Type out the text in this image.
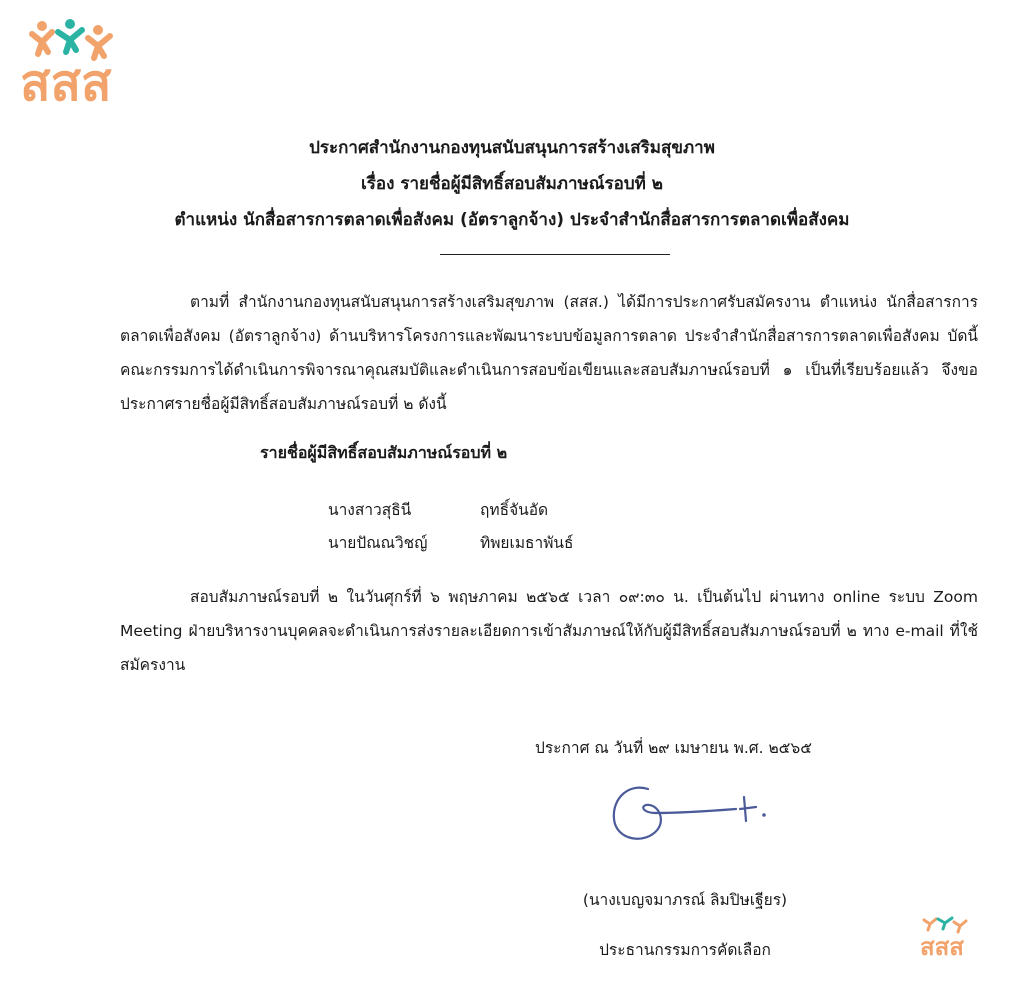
สสส
ประกาศสำนักงานกองทุนสนับสนุนการสร้างเสริมสุขภาพ
เรื่อง รายชื่อผู้มีสิทธิ์สอบสัมภาษณ์รอบที่ ๒
ตำแหน่ง นักสื่อสารการตลาดเพื่อสังคม (อัตราลูกจ้าง) ประจำสำนักสื่อสารการตลาดเพื่อสังคม
ตามที่ สำนักงานกองทุนสนับสนุนการสร้างเสริมสุขภาพ (สสส.) ได้มีการประกาศรับสมัครงาน ตำแหน่ง นักสื่อสารการตลาดเพื่อสังคม (อัตราลูกจ้าง) ด้านบริหารโครงการและพัฒนาระบบข้อมูลการตลาด ประจำสำนักสื่อสารการตลาดเพื่อสังคม บัดนี้ คณะกรรมการได้ดำเนินการพิจารณาคุณสมบัติและดำเนินการสอบข้อเขียนและสอบสัมภาษณ์รอบที่ ๑ เป็นที่เรียบร้อยแล้ว จึงขอประกาศรายชื่อผู้มีสิทธิ์สอบสัมภาษณ์รอบที่ ๒ ดังนี้
รายชื่อผู้มีสิทธิ์สอบสัมภาษณ์รอบที่ ๒
นางสาวสุธินี	ฤทธิ์จันอัด
นายปัณณวิชญ์	ทิพยเมธาพันธ์
สอบสัมภาษณ์รอบที่ ๒ ในวันศุกร์ที่ ๖ พฤษภาคม ๒๕๖๕ เวลา ๐๙:๓๐ น. เป็นต้นไป ผ่านทาง online ระบบ Zoom Meeting ฝ่ายบริหารงานบุคคลจะดำเนินการส่งรายละเอียดการเข้าสัมภาษณ์ให้กับผู้มีสิทธิ์สอบสัมภาษณ์รอบที่ ๒ ทาง e-mail ที่ใช้สมัครงาน
ประกาศ ณ วันที่ ๒๙ เมษายน พ.ศ. ๒๕๖๕
(นางเบญจมาภรณ์ ลิมปิษเฐียร)
ประธานกรรมการคัดเลือก	สสส
